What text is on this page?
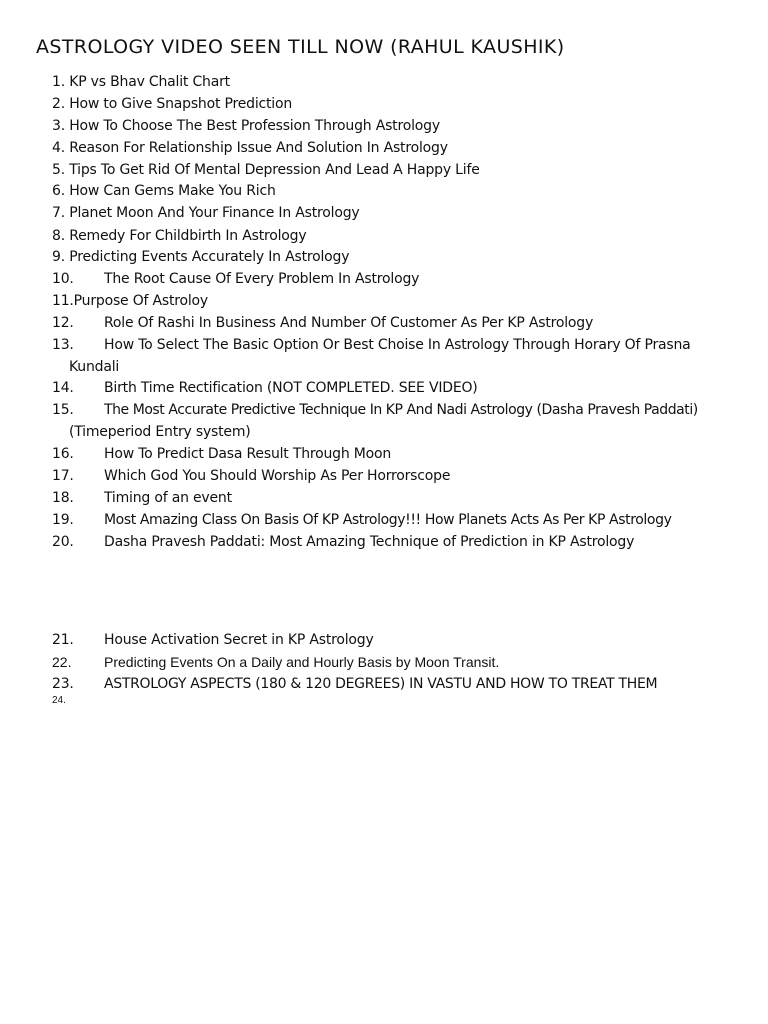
ASTROLOGY VIDEO SEEN TILL NOW (RAHUL KAUSHIK)
1. KP vs Bhav Chalit Chart
2. How to Give Snapshot Prediction
3. How To Choose The Best Profession Through Astrology
4. Reason For Relationship Issue And Solution In Astrology
5. Tips To Get Rid Of Mental Depression And Lead A Happy Life
6. How Can Gems Make You Rich
7. Planet Moon And Your Finance In Astrology
8. Remedy For Childbirth In Astrology
9. Predicting Events Accurately In Astrology
10. The Root Cause Of Every Problem In Astrology
11.Purpose Of Astroloy
12. Role Of Rashi In Business And Number Of Customer As Per KP Astrology
13. How To Select The Basic Option Or Best Choise In Astrology Through Horary Of Prasna
Kundali
14. Birth Time Rectification (NOT COMPLETED. SEE VIDEO)
15. The Most Accurate Predictive Technique In KP And Nadi Astrology (Dasha Pravesh Paddati)
(Timeperiod Entry system)
16. How To Predict Dasa Result Through Moon
17. Which God You Should Worship As Per Horrorscope
18. Timing of an event
19. Most Amazing Class On Basis Of KP Astrology!!! How Planets Acts As Per KP Astrology
20. Dasha Pravesh Paddati: Most Amazing Technique of Prediction in KP Astrology
21. House Activation Secret in KP Astrology
22. Predicting Events On a Daily and Hourly Basis by Moon Transit.
23. ASTROLOGY ASPECTS (180 & 120 DEGREES) IN VASTU AND HOW TO TREAT THEM
24.
